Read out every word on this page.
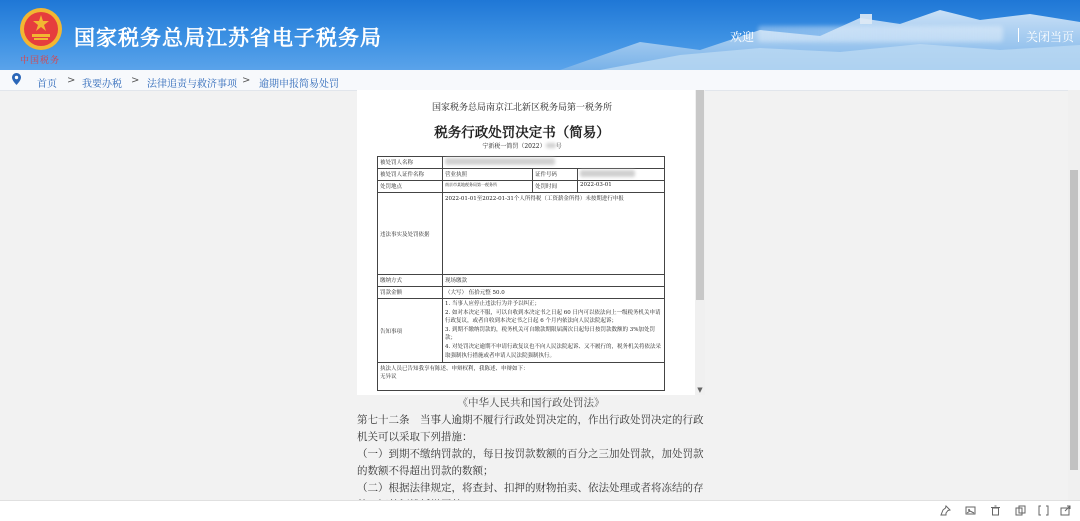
中国税务
国家税务总局江苏省电子税务局	欢迎	关闭当页
首页 > 我要办税 > 法律追责与救济事项 > 逾期申报简易处罚
国家税务总局南京江北新区税务局第一税务所
税务行政处罚决定书（简易）
宁新税一简罚（2022） 号
被处罚人名称			
被处罚人证件名称	营业执照	证件号码	
处罚地点	南京市某地税务局第一税务所	处罚时间	2022-03-01
违法事实及处罚依据	2022-01-01至2022-01-31个人所得税（工资薪金所得）未按期进行申报		
缴纳方式	现场缴款		
罚款金额	（大写） 伍拾元整 50.0		
告知事项	1. 当事人应停止违法行为并予以纠正；
2. 如对本决定不服，可以自收到本决定书之日起 60 日内可以依法向上一级税务机关申请行政复议，或者自收到本决定书之日起 6 个月内依法向人民法院起诉；
3. 到期不缴纳罚款的，税务机关可自缴款期限届满次日起每日按罚款数额的 3%加处罚款；
4. 对处罚决定逾期不申请行政复议也不向人民法院起诉、又不履行的，税务机关将依法采取强制执行措施或者申请人民法院强制执行。		

执法人员已告知我享有陈述、申辩权利，我陈述、申辩如下：
无异议			
▼

《中华人民共和国行政处罚法》

第七十二条　当事人逾期不履行行政处罚决定的，作出行政处罚决定的行政机关可以采取下列措施：

（一）到期不缴纳罚款的，每日按罚款数额的百分之三加处罚款，加处罚款的数额不得超出罚款的数额；

（二）根据法律规定，将查封、扣押的财物拍卖、依法处理或者将冻结的存
